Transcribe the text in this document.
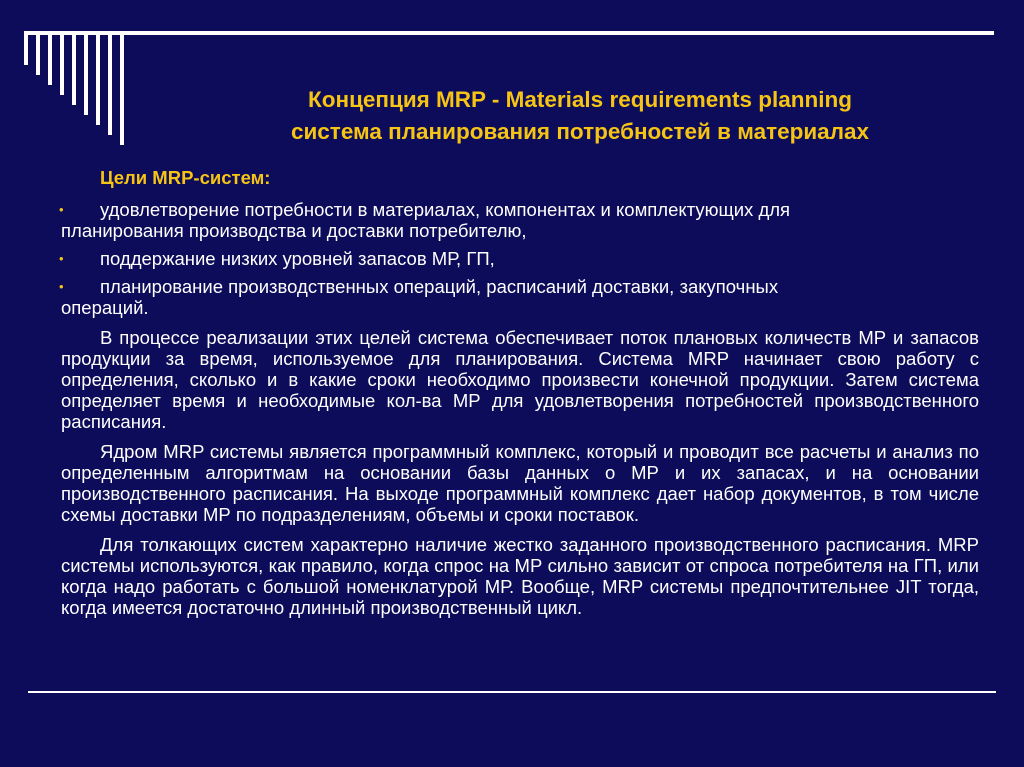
Концепция MRP - Materials requirements planning
система планирования потребностей в материалах
Цели MRP-систем:
• удовлетворение потребности в материалах, компонентах и комплектующих для
планирования производства и доставки потребителю,
• поддержание низких уровней запасов МР, ГП,
• планирование производственных операций, расписаний доставки, закупочных
операций.
В процессе реализации этих целей система обеспечивает поток плановых количеств МР и запасов продукции за время, используемое для планирования. Система MRP начинает свою работу с определения, сколько и в какие сроки необходимо произвести конечной продукции. Затем система определяет время и необходимые кол-ва МР для удовлетворения потребностей производственного расписания.
Ядром MRP системы является программный комплекс, который и проводит все расчеты и анализ по определенным алгоритмам на основании базы данных о МР и их запасах, и на основании производственного расписания. На выходе программный комплекс дает набор документов, в том числе схемы доставки МР по подразделениям, объемы и сроки поставок.
Для толкающих систем характерно наличие жестко заданного производственного расписания. MRP системы используются, как правило, когда спрос на МР сильно зависит от спроса потребителя на ГП, или когда надо работать с большой номенклатурой МР. Вообще, MRP системы предпочтительнее JIT тогда, когда имеется достаточно длинный производственный цикл.
